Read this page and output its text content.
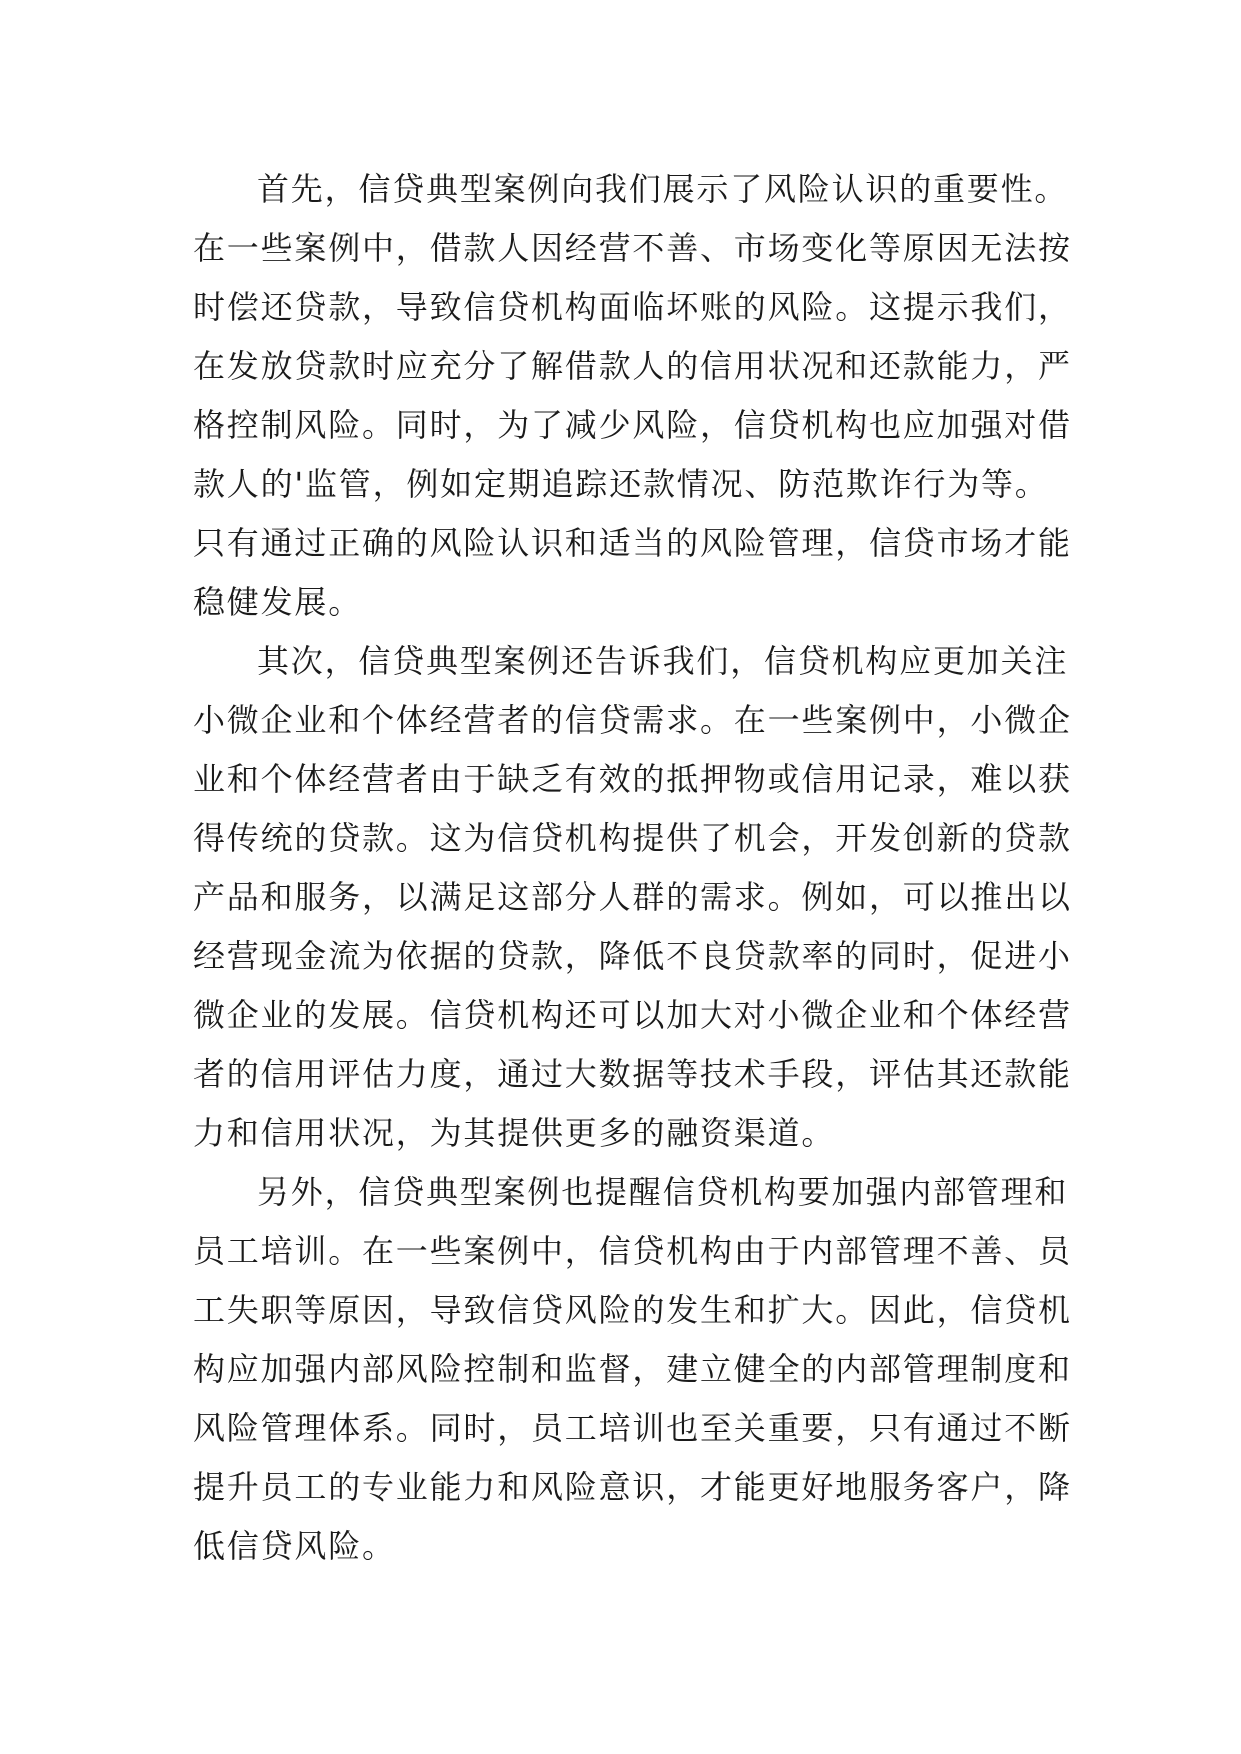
首先，信贷典型案例向我们展示了风险认识的重要性。
在一些案例中，借款人因经营不善、市场变化等原因无法按
时偿还贷款，导致信贷机构面临坏账的风险。这提示我们，
在发放贷款时应充分了解借款人的信用状况和还款能力，严
格控制风险。同时，为了减少风险，信贷机构也应加强对借
款人的'监管，例如定期追踪还款情况、防范欺诈行为等。
只有通过正确的风险认识和适当的风险管理，信贷市场才能
稳健发展。
其次，信贷典型案例还告诉我们，信贷机构应更加关注
小微企业和个体经营者的信贷需求。在一些案例中，小微企
业和个体经营者由于缺乏有效的抵押物或信用记录，难以获
得传统的贷款。这为信贷机构提供了机会，开发创新的贷款
产品和服务，以满足这部分人群的需求。例如，可以推出以
经营现金流为依据的贷款，降低不良贷款率的同时，促进小
微企业的发展。信贷机构还可以加大对小微企业和个体经营
者的信用评估力度，通过大数据等技术手段，评估其还款能
力和信用状况，为其提供更多的融资渠道。
另外，信贷典型案例也提醒信贷机构要加强内部管理和
员工培训。在一些案例中，信贷机构由于内部管理不善、员
工失职等原因，导致信贷风险的发生和扩大。因此，信贷机
构应加强内部风险控制和监督，建立健全的内部管理制度和
风险管理体系。同时，员工培训也至关重要，只有通过不断
提升员工的专业能力和风险意识，才能更好地服务客户，降
低信贷风险。
